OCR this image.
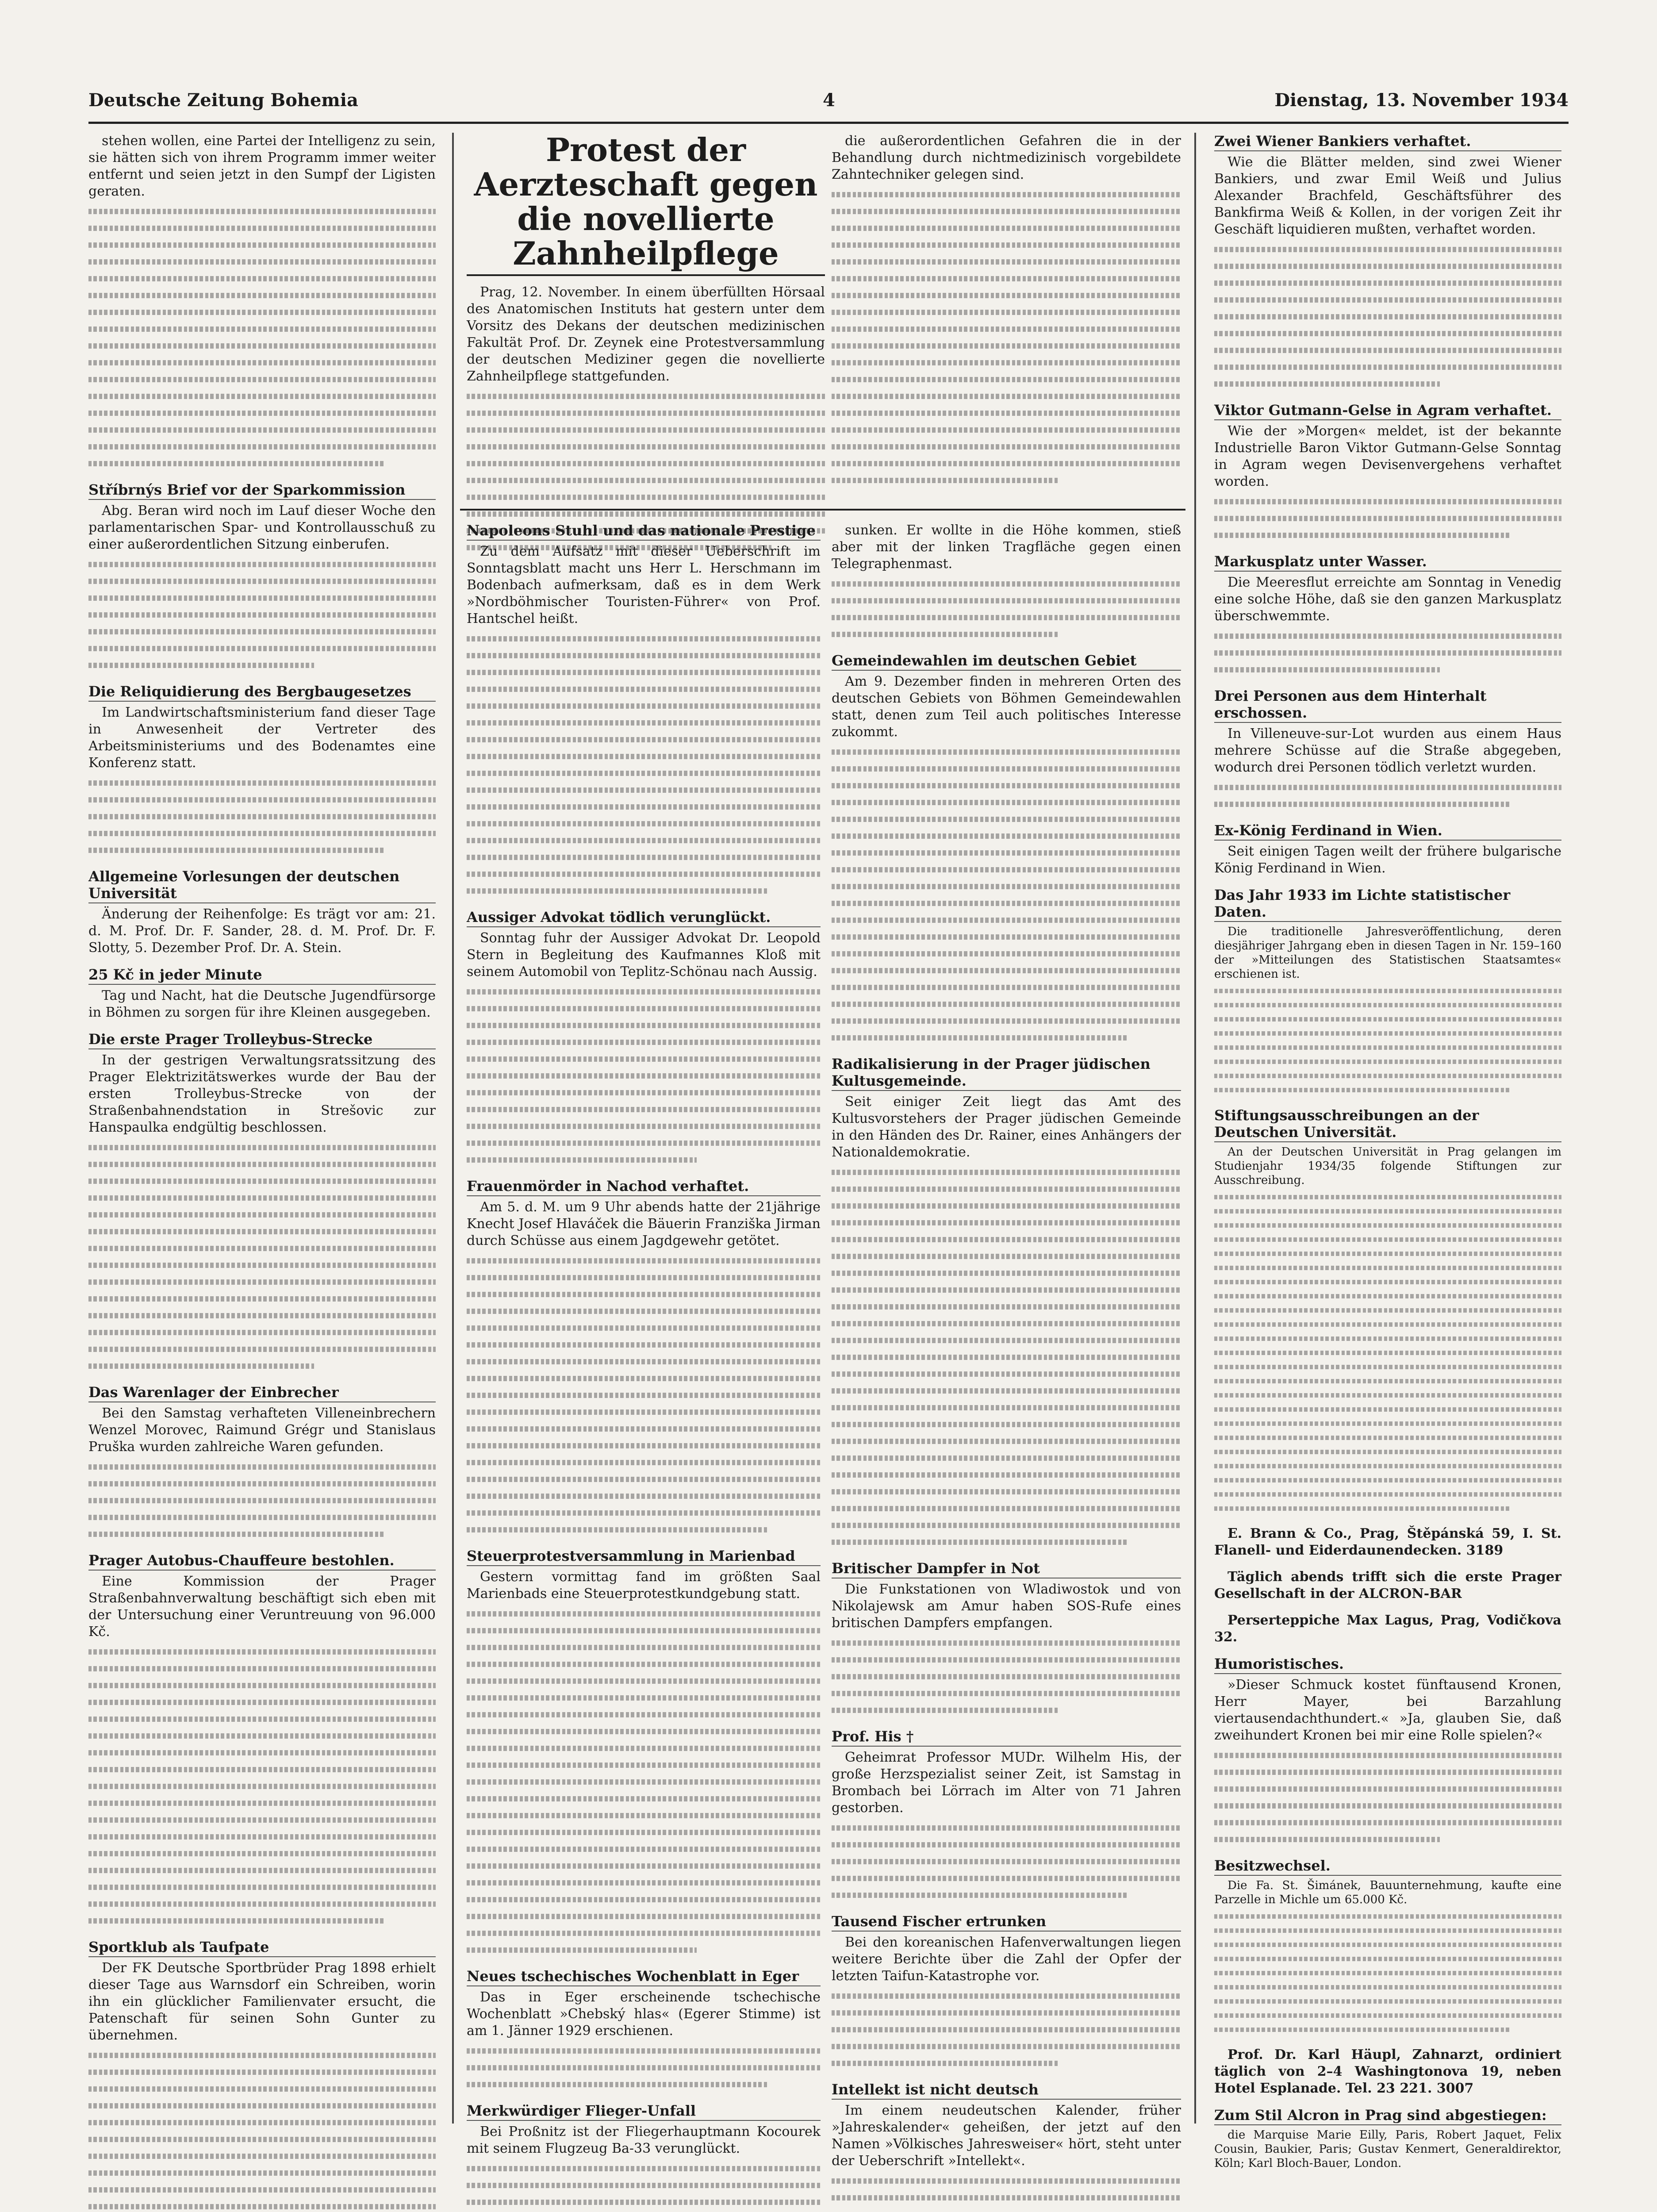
Deutsche Zeitung Bohemia	4	Dienstag, 13. November 1934

stehen wollen, eine Partei der Intelligenz zu sein, sie hätten sich von ihrem Programm immer weiter entfernt und seien jetzt in den Sumpf der Ligisten geraten.

Stříbrnýs Brief vor der Sparkommission

Abg. Beran wird noch im Lauf dieser Woche den parlamentarischen Spar- und Kontrollausschuß zu einer außerordentlichen Sitzung einberufen.

Die Reliquidierung des Bergbaugesetzes

Im Landwirtschaftsministerium fand dieser Tage in Anwesenheit der Vertreter des Arbeitsministeriums und des Bodenamtes eine Konferenz statt.

Allgemeine Vorlesungen der deutschen Universität

Änderung der Reihenfolge: Es trägt vor am: 21. d. M. Prof. Dr. F. Sander, 28. d. M. Prof. Dr. F. Slotty, 5. Dezember Prof. Dr. A. Stein.

25 Kč in jeder Minute

Tag und Nacht, hat die Deutsche Jugendfürsorge in Böhmen zu sorgen für ihre Kleinen ausgegeben.

Die erste Prager Trolleybus-Strecke

In der gestrigen Verwaltungsratssitzung des Prager Elektrizitätswerkes wurde der Bau der ersten Trolleybus-Strecke von der Straßenbahnendstation in Strešovic zur Hanspaulka endgültig beschlossen.

Das Warenlager der Einbrecher

Bei den Samstag verhafteten Villeneinbrechern Wenzel Morovec, Raimund Grégr und Stanislaus Pruška wurden zahlreiche Waren gefunden.

Prager Autobus-Chauffeure bestohlen.

Eine Kommission der Prager Straßenbahnverwaltung beschäftigt sich eben mit der Untersuchung einer Veruntreuung von 96.000 Kč.

Sportklub als Taufpate

Der FK Deutsche Sportbrüder Prag 1898 erhielt dieser Tage aus Warnsdorf ein Schreiben, worin ihn ein glücklicher Familienvater ersucht, die Patenschaft für seinen Sohn Gunter zu übernehmen.

Protest der Aerzteschaft gegen die novellierte Zahnheilpflege

Prag, 12. November. In einem überfüllten Hörsaal des Anatomischen Instituts hat gestern unter dem Vorsitz des Dekans der deutschen medizinischen Fakultät Prof. Dr. Zeynek eine Protestversammlung der deutschen Mediziner gegen die novellierte Zahnheilpflege stattgefunden.

die außerordentlichen Gefahren die in der Behandlung durch nichtmedizinisch vorgebildete Zahntechniker gelegen sind.

Napoleons Stuhl und das nationale Prestige

Zu dem Aufsatz mit dieser Ueberschrift im Sonntagsblatt macht uns Herr L. Herschmann im Bodenbach aufmerksam, daß es in dem Werk »Nordböhmischer Touristen-Führer« von Prof. Hantschel heißt.

Aussiger Advokat tödlich verunglückt.

Sonntag fuhr der Aussiger Advokat Dr. Leopold Stern in Begleitung des Kaufmannes Kloß mit seinem Automobil von Teplitz-Schönau nach Aussig.

Frauenmörder in Nachod verhaftet.

Am 5. d. M. um 9 Uhr abends hatte der 21jährige Knecht Josef Hlaváček die Bäuerin Franziška Jirman durch Schüsse aus einem Jagdgewehr getötet.

Steuerprotestversammlung in Marienbad

Gestern vormittag fand im größten Saal Marienbads eine Steuerprotestkundgebung statt.

Neues tschechisches Wochenblatt in Eger

Das in Eger erscheinende tschechische Wochenblatt »Chebský hlas« (Egerer Stimme) ist am 1. Jänner 1929 erschienen.

Merkwürdiger Flieger-Unfall

Bei Proßnitz ist der Fliegerhauptmann Kocourek mit seinem Flugzeug Ba-33 verunglückt.

sunken. Er wollte in die Höhe kommen, stieß aber mit der linken Tragfläche gegen einen Telegraphenmast.

Gemeindewahlen im deutschen Gebiet

Am 9. Dezember finden in mehreren Orten des deutschen Gebiets von Böhmen Gemeindewahlen statt, denen zum Teil auch politisches Interesse zukommt.

Radikalisierung in der Prager jüdischen Kultusgemeinde.

Seit einiger Zeit liegt das Amt des Kultusvorstehers der Prager jüdischen Gemeinde in den Händen des Dr. Rainer, eines Anhängers der Nationaldemokratie.

Britischer Dampfer in Not

Die Funkstationen von Wladiwostok und von Nikolajewsk am Amur haben SOS-Rufe eines britischen Dampfers empfangen.

Prof. His †

Geheimrat Professor MUDr. Wilhelm His, der große Herzspezialist seiner Zeit, ist Samstag in Brombach bei Lörrach im Alter von 71 Jahren gestorben.

Tausend Fischer ertrunken

Bei den koreanischen Hafenverwaltungen liegen weitere Berichte über die Zahl der Opfer der letzten Taifun-Katastrophe vor.

Intellekt ist nicht deutsch

Im einem neudeutschen Kalender, früher »Jahreskalender« geheißen, der jetzt auf den Namen »Völkisches Jahresweiser« hört, steht unter der Ueberschrift »Intellekt«.

Zwei Wiener Bankiers verhaftet.

Wie die Blätter melden, sind zwei Wiener Bankiers, und zwar Emil Weiß und Julius Alexander Brachfeld, Geschäftsführer des Bankfirma Weiß & Kollen, in der vorigen Zeit ihr Geschäft liquidieren mußten, verhaftet worden.

Viktor Gutmann-Gelse in Agram verhaftet.

Wie der »Morgen« meldet, ist der bekannte Industrielle Baron Viktor Gutmann-Gelse Sonntag in Agram wegen Devisenvergehens verhaftet worden.

Markusplatz unter Wasser.

Die Meeresflut erreichte am Sonntag in Venedig eine solche Höhe, daß sie den ganzen Markusplatz überschwemmte.

Drei Personen aus dem Hinterhalt erschossen.

In Villeneuve-sur-Lot wurden aus einem Haus mehrere Schüsse auf die Straße abgegeben, wodurch drei Personen tödlich verletzt wurden.

Ex-König Ferdinand in Wien.

Seit einigen Tagen weilt der frühere bulgarische König Ferdinand in Wien.

Das Jahr 1933 im Lichte statistischer Daten.

Die traditionelle Jahresveröffentlichung, deren diesjähriger Jahrgang eben in diesen Tagen in Nr. 159–160 der »Mitteilungen des Statistischen Staatsamtes« erschienen ist.

Stiftungsausschreibungen an der Deutschen Universität.

An der Deutschen Universität in Prag gelangen im Studienjahr 1934/35 folgende Stiftungen zur Ausschreibung.

E. Brann & Co., Prag, Štěpánská 59, I. St. Flanell- und Eiderdaunendecken. 3189

Täglich abends trifft sich die erste Prager Gesellschaft in der ALCRON-BAR

Perserteppiche Max Lagus, Prag, Vodičkova 32.

Humoristisches.

»Dieser Schmuck kostet fünftausend Kronen, Herr Mayer, bei Barzahlung viertausendachthundert.« »Ja, glauben Sie, daß zweihundert Kronen bei mir eine Rolle spielen?«

Besitzwechsel.

Die Fa. St. Šimánek, Bauunternehmung, kaufte eine Parzelle in Michle um 65.000 Kč.

Prof. Dr. Karl Häupl, Zahnarzt, ordiniert täglich von 2–4 Washingtonova 19, neben Hotel Esplanade. Tel. 23 221. 3007

Zum Stil Alcron in Prag sind abgestiegen:

die Marquise Marie Eilly, Paris, Robert Jaquet, Felix Cousin, Baukier, Paris; Gustav Kenmert, Generaldirektor, Köln; Karl Bloch-Bauer, London.
